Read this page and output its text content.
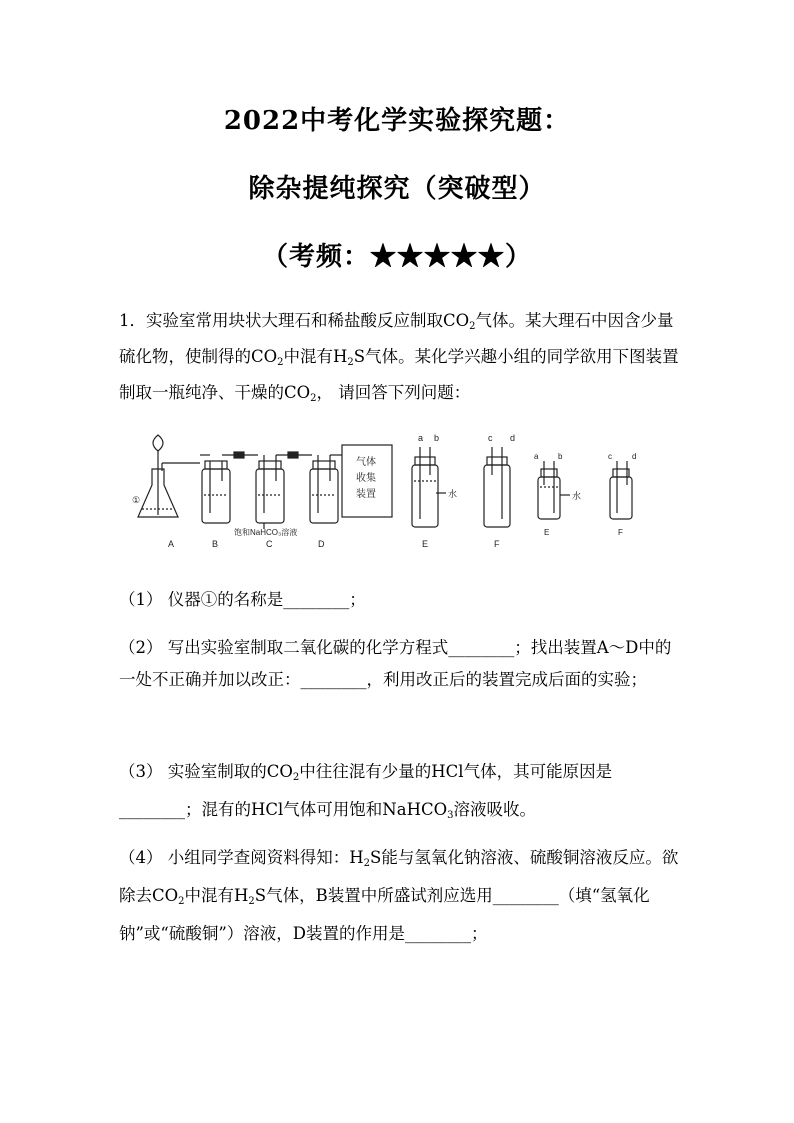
2022中考化学实验探究题：
除杂提纯探究（突破型）
（考频：★★★★★）
1．实验室常用块状大理石和稀盐酸反应制取$CO_2$气体。某大理石中因含少量硫化物，使制得的$CO_2$中混有$H_2S$气体。某化学兴趣小组的同学欲用下图装置制取一瓶纯净、干燥的$CO_2$， 请回答下列问题：
①
A	B	C	D
饱和NaHCO₃溶液
气体
收集
装置
a b
水
c d
E	F
a b
水
E
c	d
F
（1） 仪器①的名称是________；
（2） 写出实验室制取二氧化碳的化学方程式________；找出装置A～D中的一处不正确并加以改正：________，利用改正后的装置完成后面的实验；
（3） 实验室制取的$CO_2$中往往混有少量的HCl气体，其可能原因是________；混有的HCl气体可用饱和NaHCO$_3$溶液吸收。
（4） 小组同学查阅资料得知：$H_2S$能与氢氧化钠溶液、硫酸铜溶液反应。欲除去$CO_2$中混有$H_2S$气体，B装置中所盛试剂应选用________（填“氢氧化钠”或“硫酸铜”）溶液，D装置的作用是________；
